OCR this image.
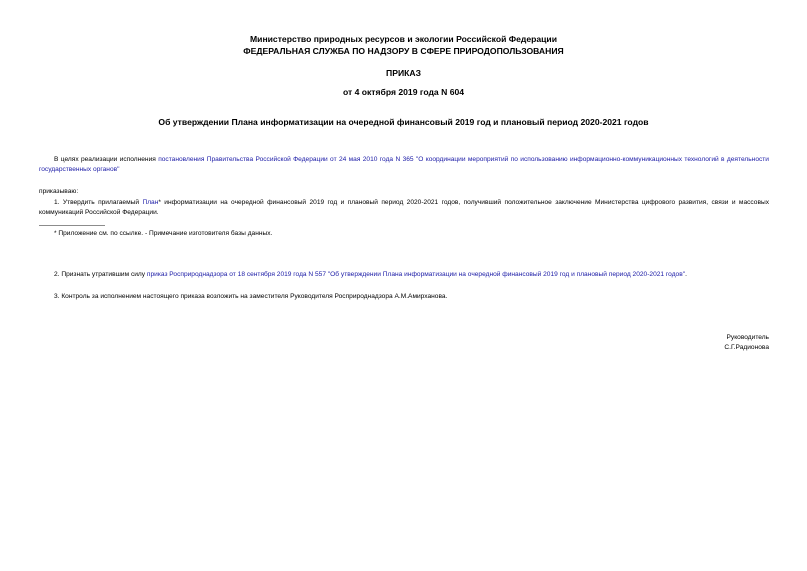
Министерство природных ресурсов и экологии Российской Федерации
ФЕДЕРАЛЬНАЯ СЛУЖБА ПО НАДЗОРУ В СФЕРЕ ПРИРОДОПОЛЬЗОВАНИЯ
ПРИКАЗ
от 4 октября 2019 года N 604
Об утверждении Плана информатизации на очередной финансовый 2019 год и плановый период 2020-2021 годов
В целях реализации исполнения постановления Правительства Российской Федерации от 24 мая 2010 года N 365 "О координации мероприятий по использованию информационно-коммуникационных технологий в деятельности государственных органов"
приказываю:
1. Утвердить прилагаемый План* информатизации на очередной финансовый 2019 год и плановый период 2020-2021 годов, получивший положительное заключение Министерства цифрового развития, связи и массовых коммуникаций Российской Федерации.
* Приложение см. по ссылке. - Примечание изготовителя базы данных.
2. Признать утратившим силу приказ Росприроднадзора от 18 сентября 2019 года N 557 "Об утверждении Плана информатизации на очередной финансовый 2019 год и плановый период 2020-2021 годов".
3. Контроль за исполнением настоящего приказа возложить на заместителя Руководителя Росприроднадзора А.М.Амирханова.
Руководитель
С.Г.Радионова
